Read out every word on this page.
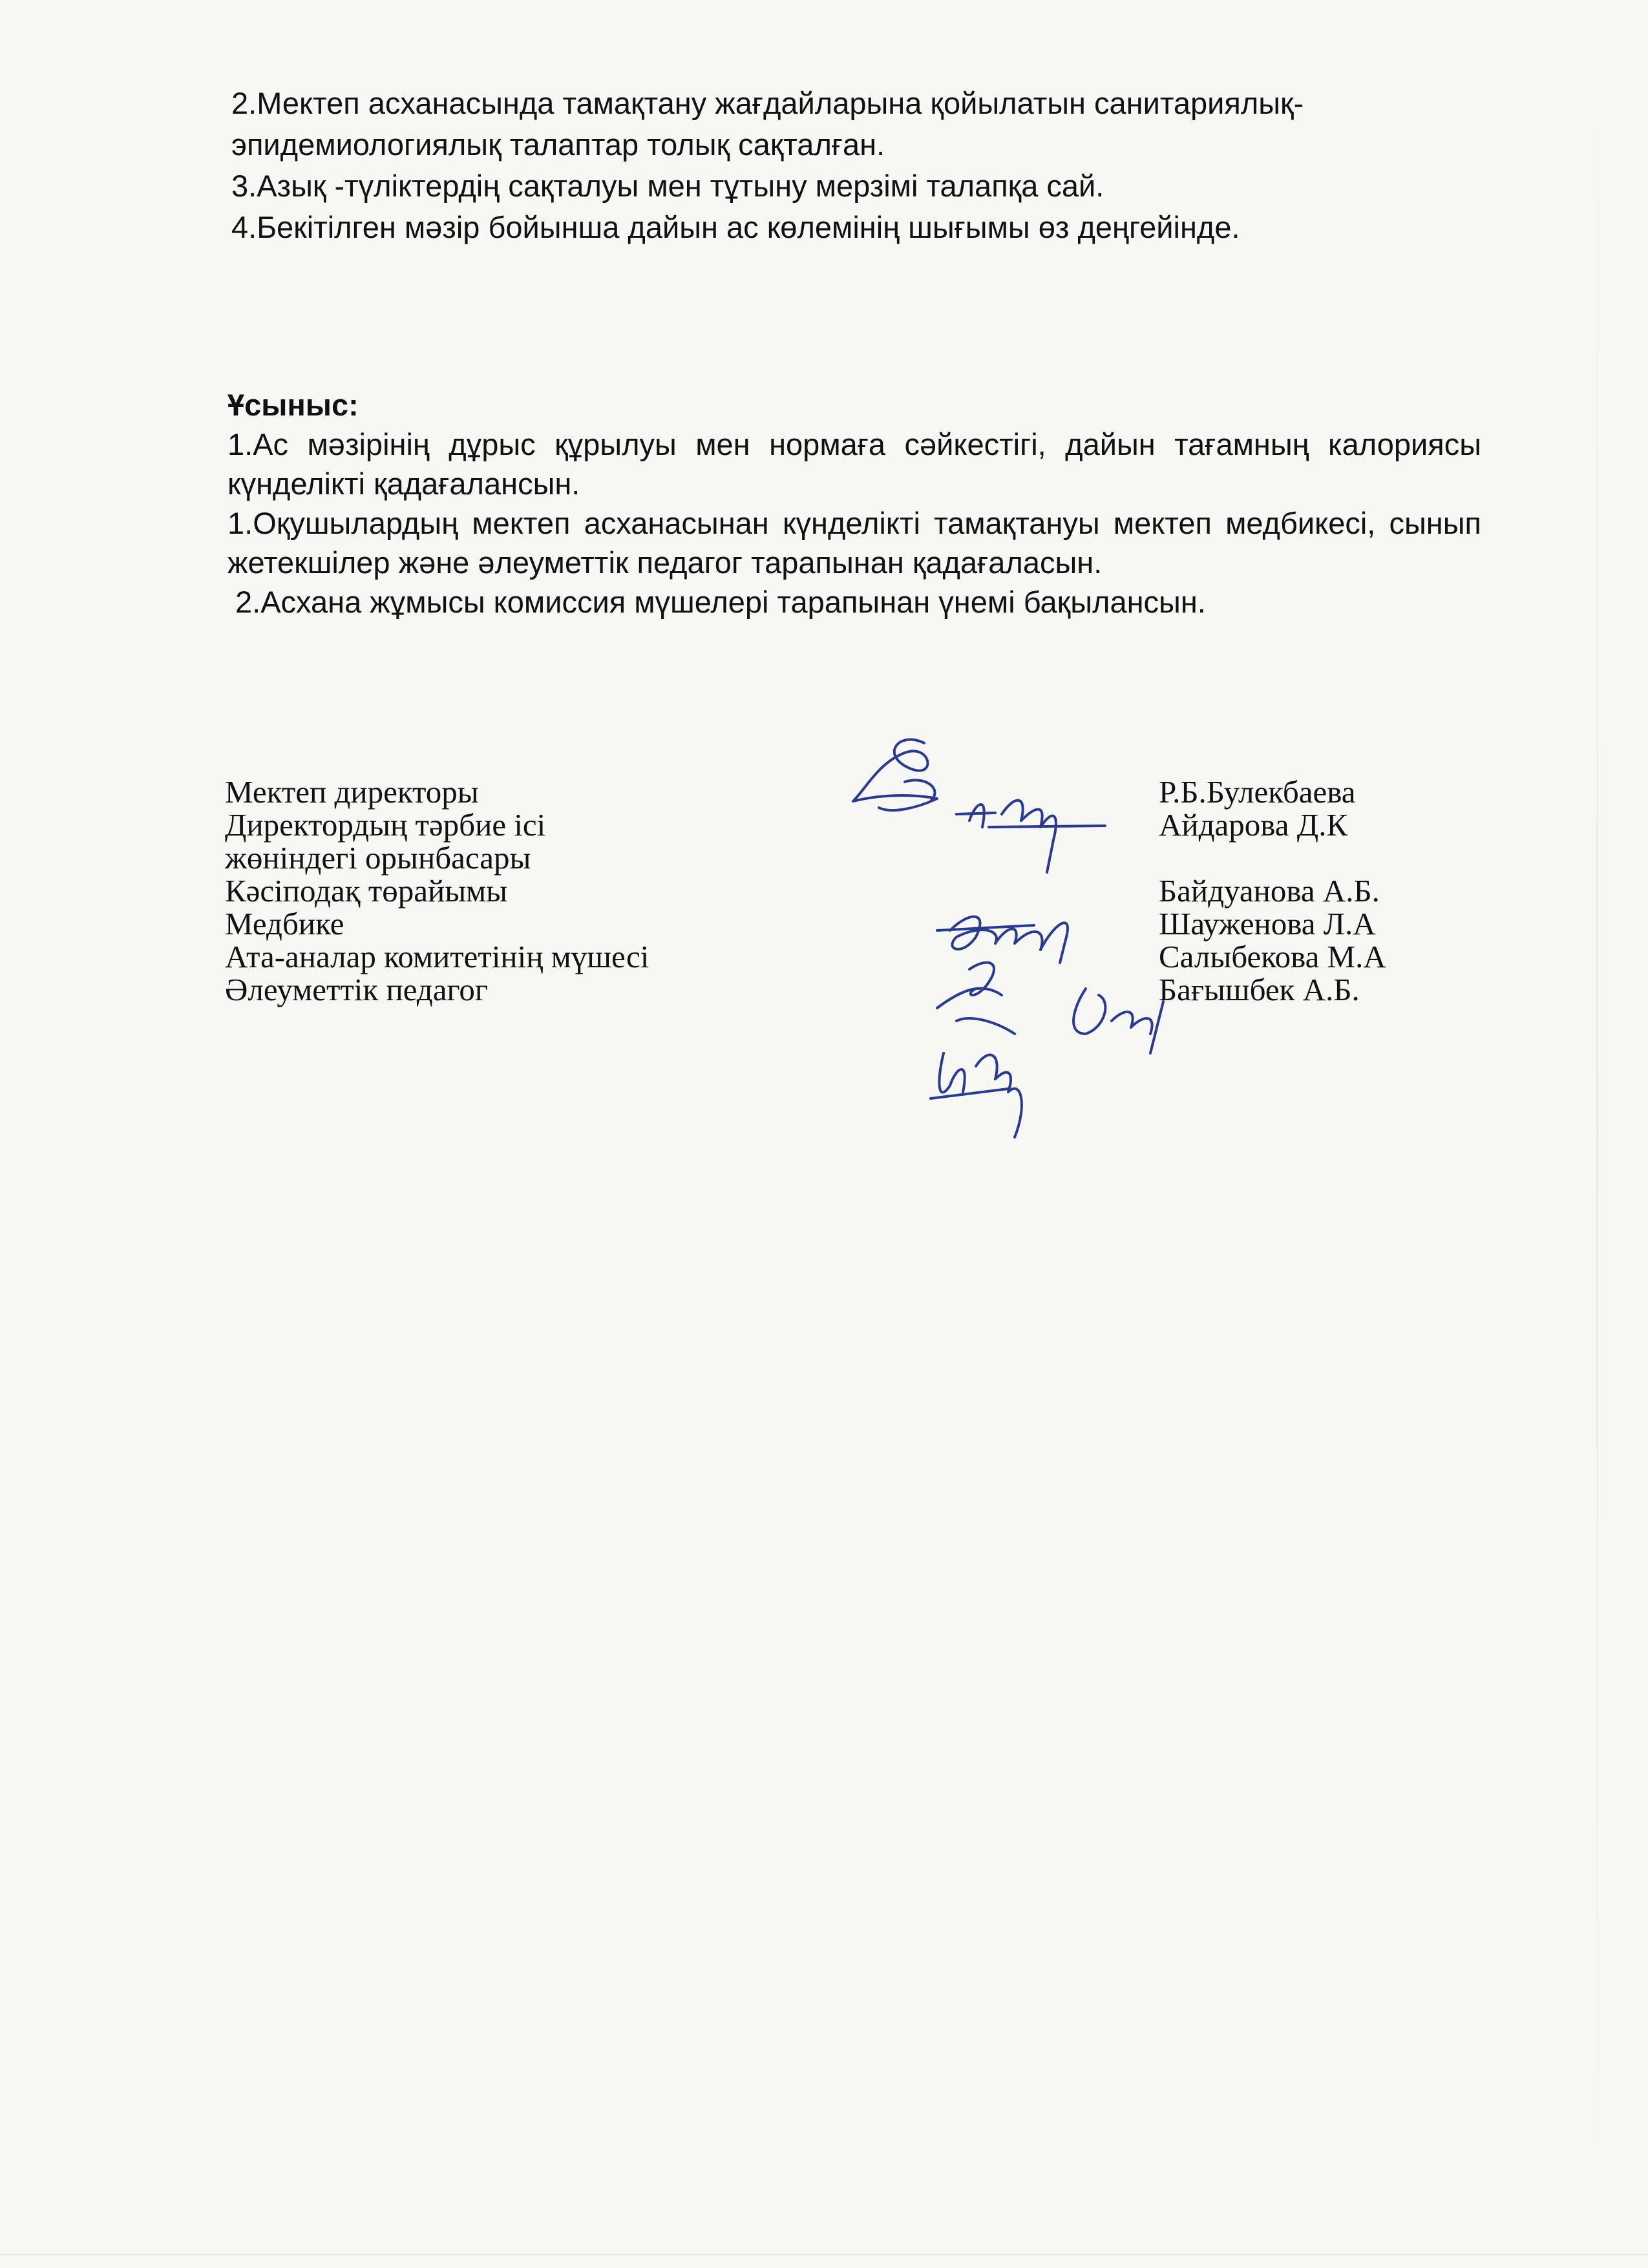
2.Мектеп асханасында тамақтану жағдайларына қойылатын санитариялық-

эпидемиологиялық талаптар толық сақталған.

3.Азық -түліктердің сақталуы мен тұтыну мерзімі талапқа сай.

4.Бекітілген мәзір бойынша дайын ас көлемінің шығымы өз деңгейінде.

Ұсыныс:

1.Ас мәзірінің дұрыс құрылуы мен нормаға сәйкестігі, дайын тағамның калориясы күнделікті қадағалансын.

1.Оқушылардың мектеп асханасынан күнделікті тамақтануы мектеп медбикесі, сынып жетекшілер және әлеуметтік педагог тарапынан қадағаласын.

2.Асхана жұмысы комиссия мүшелері тарапынан үнемі бақылансын.

Мектеп директоры	Р.Б.Булекбаева
Директордың тәрбие ісі	Айдарова Д.К
жөніндегі орынбасары
Кәсіподақ төрайымы	Байдуанова А.Б.
Медбике	Шауженова Л.А
Ата-аналар комитетінің мүшесі	Салыбекова М.А
Әлеуметтік педагог	Бағышбек А.Б.
